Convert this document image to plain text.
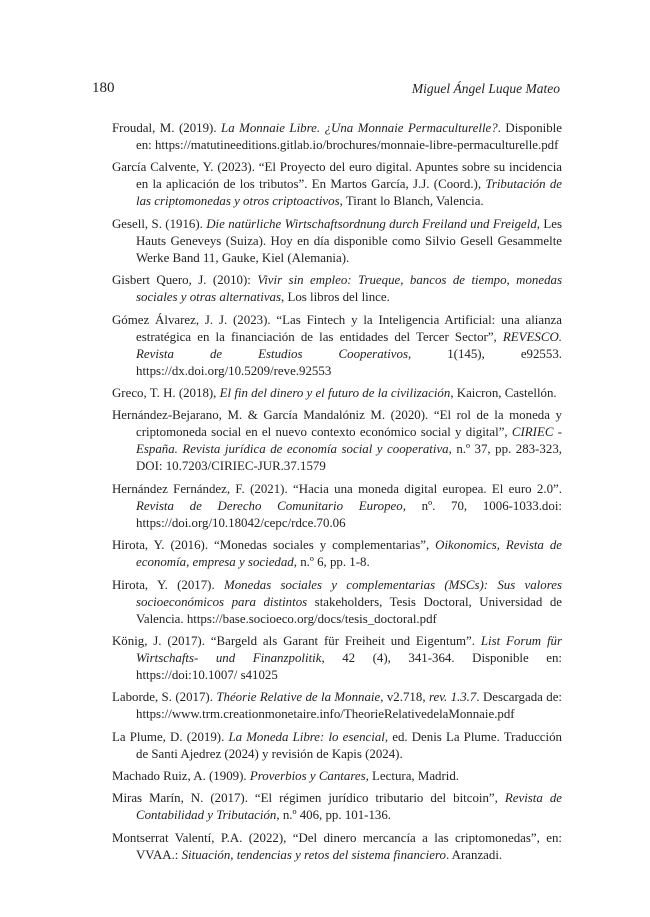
180	Miguel Ángel Luque Mateo
Froudal, M. (2019). La Monnaie Libre. ¿Una Monnaie Permaculturelle?. Disponible en: https://matutineeditions.gitlab.io/brochures/monnaie-libre-permaculturelle.pdf
García Calvente, Y. (2023). “El Proyecto del euro digital. Apuntes sobre su incidencia en la aplicación de los tributos”. En Martos García, J.J. (Coord.), Tributación de las criptomonedas y otros criptoactivos, Tirant lo Blanch, Valencia.
Gesell, S. (1916). Die natürliche Wirtschaftsordnung durch Freiland und Freigeld, Les Hauts Geneveys (Suiza). Hoy en día disponible como Silvio Gesell Gesammelte Werke Band 11, Gauke, Kiel (Alemania).
Gisbert Quero, J. (2010): Vivir sin empleo: Trueque, bancos de tiempo, monedas sociales y otras alternativas, Los libros del lince.
Gómez Álvarez, J. J. (2023). “Las Fintech y la Inteligencia Artificial: una alianza estratégica en la financiación de las entidades del Tercer Sector”, REVESCO. Revista de Estudios Cooperativos, 1(145), e92553. https://dx.doi.org/10.5209/reve.92553
Greco, T. H. (2018), El fin del dinero y el futuro de la civilización, Kaicron, Castellón.
Hernández-Bejarano, M. & García Mandalóniz M. (2020). “El rol de la moneda y criptomoneda social en el nuevo contexto económico social y digital”, CIRIEC - España. Revista jurídica de economía social y cooperativa, n.º 37, pp. 283-323, DOI: 10.7203/CIRIEC-JUR.37.1579
Hernández Fernández, F. (2021). “Hacia una moneda digital europea. El euro 2.0”. Revista de Derecho Comunitario Europeo, nº. 70, 1006-1033.doi: https://doi.org/10.18042/cepc/rdce.70.06
Hirota, Y. (2016). “Monedas sociales y complementarias”, Oikonomics, Revista de economía, empresa y sociedad, n.º 6, pp. 1-8.
Hirota, Y. (2017). Monedas sociales y complementarias (MSCs): Sus valores socioeconómicos para distintos stakeholders, Tesis Doctoral, Universidad de Valencia. https://base.socioeco.org/docs/tesis_doctoral.pdf
König, J. (2017). “Bargeld als Garant für Freiheit und Eigentum”. List Forum für Wirtschafts- und Finanzpolitik, 42 (4), 341-364. Disponible en: https://doi:10.1007/ s41025
Laborde, S. (2017). Théorie Relative de la Monnaie, v2.718, rev. 1.3.7. Descargada de: https://www.trm.creationmonetaire.info/TheorieRelativedelaMonnaie.pdf
La Plume, D. (2019). La Moneda Libre: lo esencial, ed. Denis La Plume. Traducción de Santi Ajedrez (2024) y revisión de Kapis (2024).
Machado Ruiz, A. (1909). Proverbios y Cantares, Lectura, Madrid.
Miras Marín, N. (2017). “El régimen jurídico tributario del bitcoin”, Revista de Contabilidad y Tributación, n.º 406, pp. 101-136.
Montserrat Valentí, P.A. (2022), “Del dinero mercancía a las criptomonedas”, en: VVAA.: Situación, tendencias y retos del sistema financiero. Aranzadi.
